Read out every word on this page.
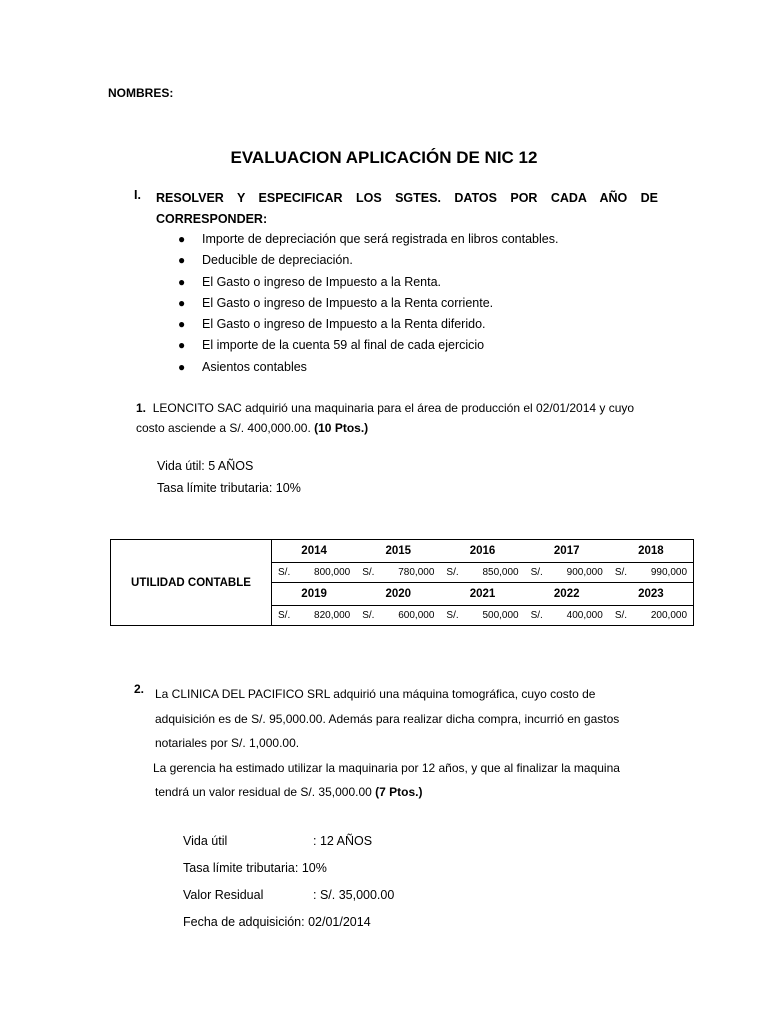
NOMBRES:
EVALUACION APLICACIÓN DE NIC 12
I. RESOLVER Y ESPECIFICAR LOS SGTES. DATOS POR CADA AÑO DE CORRESPONDER:
● Importe de depreciación que será registrada en libros contables.
● Deducible de depreciación.
● El Gasto o ingreso de Impuesto a la Renta.
● El Gasto o ingreso de Impuesto a la Renta corriente.
● El Gasto o ingreso de Impuesto a la Renta diferido.
● El importe de la cuenta 59 al final de cada ejercicio
● Asientos contables
1. LEONCITO SAC adquirió una maquinaria para el área de producción el 02/01/2014 y cuyo costo asciende a S/. 400,000.00. (10 Ptos.)
Vida útil: 5 AÑOS
Tasa límite tributaria: 10%
UTILIDAD CONTABLE	
2014	2015	2016	2017	2018

S/. 800,000 S/. 780,000 S/. 850,000 S/. 900,000 S/. 990,000

2019	2020	2021	2022	2023

S/. 820,000 S/. 600,000 S/. 500,000 S/. 400,000 S/. 200,000
2. La CLINICA DEL PACIFICO SRL adquirió una máquina tomográfica, cuyo costo de
adquisición es de S/. 95,000.00. Además para realizar dicha compra, incurrió en gastos
notariales por S/. 1,000.00.
La gerencia ha estimado utilizar la maquinaria por 12 años, y que al finalizar la maquina
tendrá un valor residual de S/. 35,000.00 (7 Ptos.)
Vida útil	: 12 AÑOS
Tasa límite tributaria: 10%
Valor Residual	: S/. 35,000.00
Fecha de adquisición: 02/01/2014
